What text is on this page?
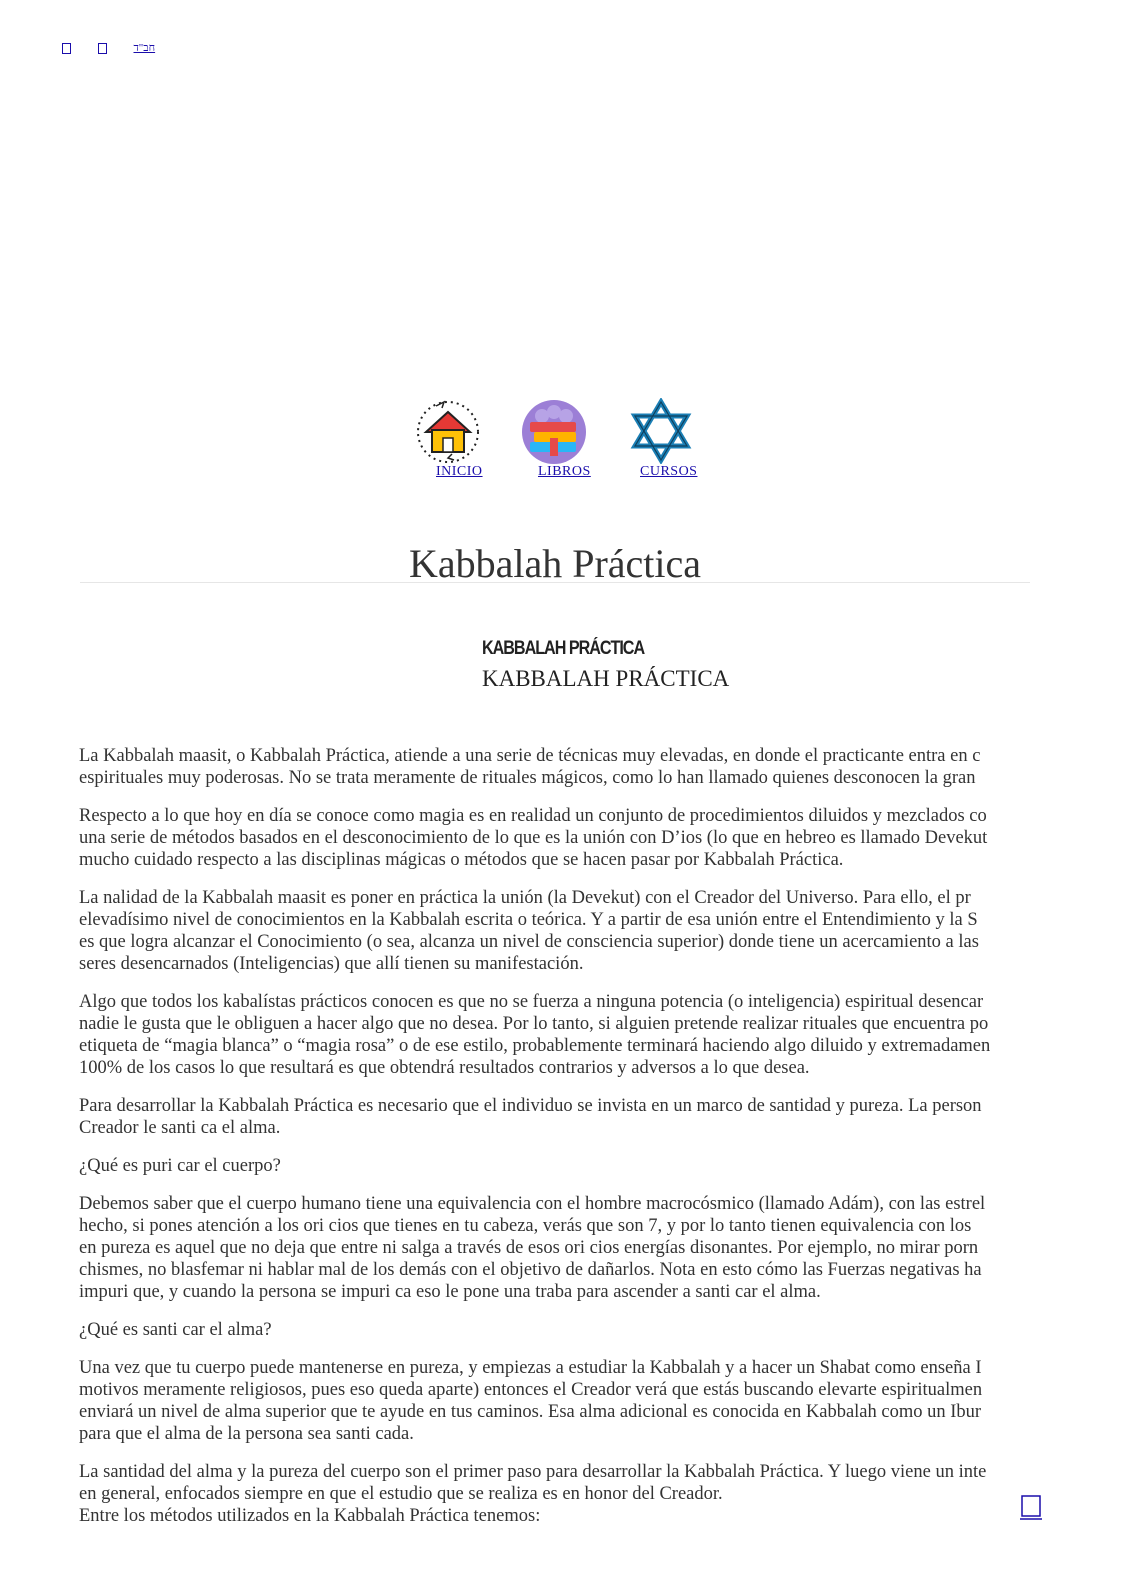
חב"ד
INICIO	LIBROS	CURSOS
Kabbalah Práctica
KABBALAH PRÁCTICA
KABBALAH PRÁCTICA

La Kabbalah maasit, o Kabbalah Práctica, atiende a una serie de técnicas muy elevadas, en donde el practicante entra en c
espirituales muy poderosas. No se trata meramente de rituales mágicos, como lo han llamado quienes desconocen la gran

Respecto a lo que hoy en día se conoce como magia es en realidad un conjunto de procedimientos diluidos y mezclados co
una serie de métodos basados en el desconocimiento de lo que es la unión con D’ios (lo que en hebreo es llamado Devekut
mucho cuidado respecto a las disciplinas mágicas o métodos que se hacen pasar por Kabbalah Práctica.

La nalidad de la Kabbalah maasit es poner en práctica la unión (la Devekut) con el Creador del Universo. Para ello, el pr
elevadísimo nivel de conocimientos en la Kabbalah escrita o teórica. Y a partir de esa unión entre el Entendimiento y la S
es que logra alcanzar el Conocimiento (o sea, alcanza un nivel de consciencia superior) donde tiene un acercamiento a las
seres desencarnados (Inteligencias) que allí tienen su manifestación.

Algo que todos los kabalístas prácticos conocen es que no se fuerza a ninguna potencia (o inteligencia) espiritual desencar
nadie le gusta que le obliguen a hacer algo que no desea. Por lo tanto, si alguien pretende realizar rituales que encuentra po
etiqueta de “magia blanca” o “magia rosa” o de ese estilo, probablemente terminará haciendo algo diluido y extremadamen
100% de los casos lo que resultará es que obtendrá resultados contrarios y adversos a lo que desea.

Para desarrollar la Kabbalah Práctica es necesario que el individuo se invista en un marco de santidad y pureza. La person
Creador le santi ca el alma.

¿Qué es puri car el cuerpo?

Debemos saber que el cuerpo humano tiene una equivalencia con el hombre macrocósmico (llamado Adám), con las estrel
hecho, si pones atención a los ori cios que tienes en tu cabeza, verás que son 7, y por lo tanto tienen equivalencia con los
en pureza es aquel que no deja que entre ni salga a través de esos ori cios energías disonantes. Por ejemplo, no mirar porn
chismes, no blasfemar ni hablar mal de los demás con el objetivo de dañarlos. Nota en esto cómo las Fuerzas negativas ha
impuri que, y cuando la persona se impuri ca eso le pone una traba para ascender a santi car el alma.

¿Qué es santi car el alma?

Una vez que tu cuerpo puede mantenerse en pureza, y empiezas a estudiar la Kabbalah y a hacer un Shabat como enseña I
motivos meramente religiosos, pues eso queda aparte) entonces el Creador verá que estás buscando elevarte espiritualmen
enviará un nivel de alma superior que te ayude en tus caminos. Esa alma adicional es conocida en Kabbalah como un Ibur
para que el alma de la persona sea santi cada.

La santidad del alma y la pureza del cuerpo son el primer paso para desarrollar la Kabbalah Práctica. Y luego viene un inte
en general, enfocados siempre en que el estudio que se realiza es en honor del Creador.
Entre los métodos utilizados en la Kabbalah Práctica tenemos:
